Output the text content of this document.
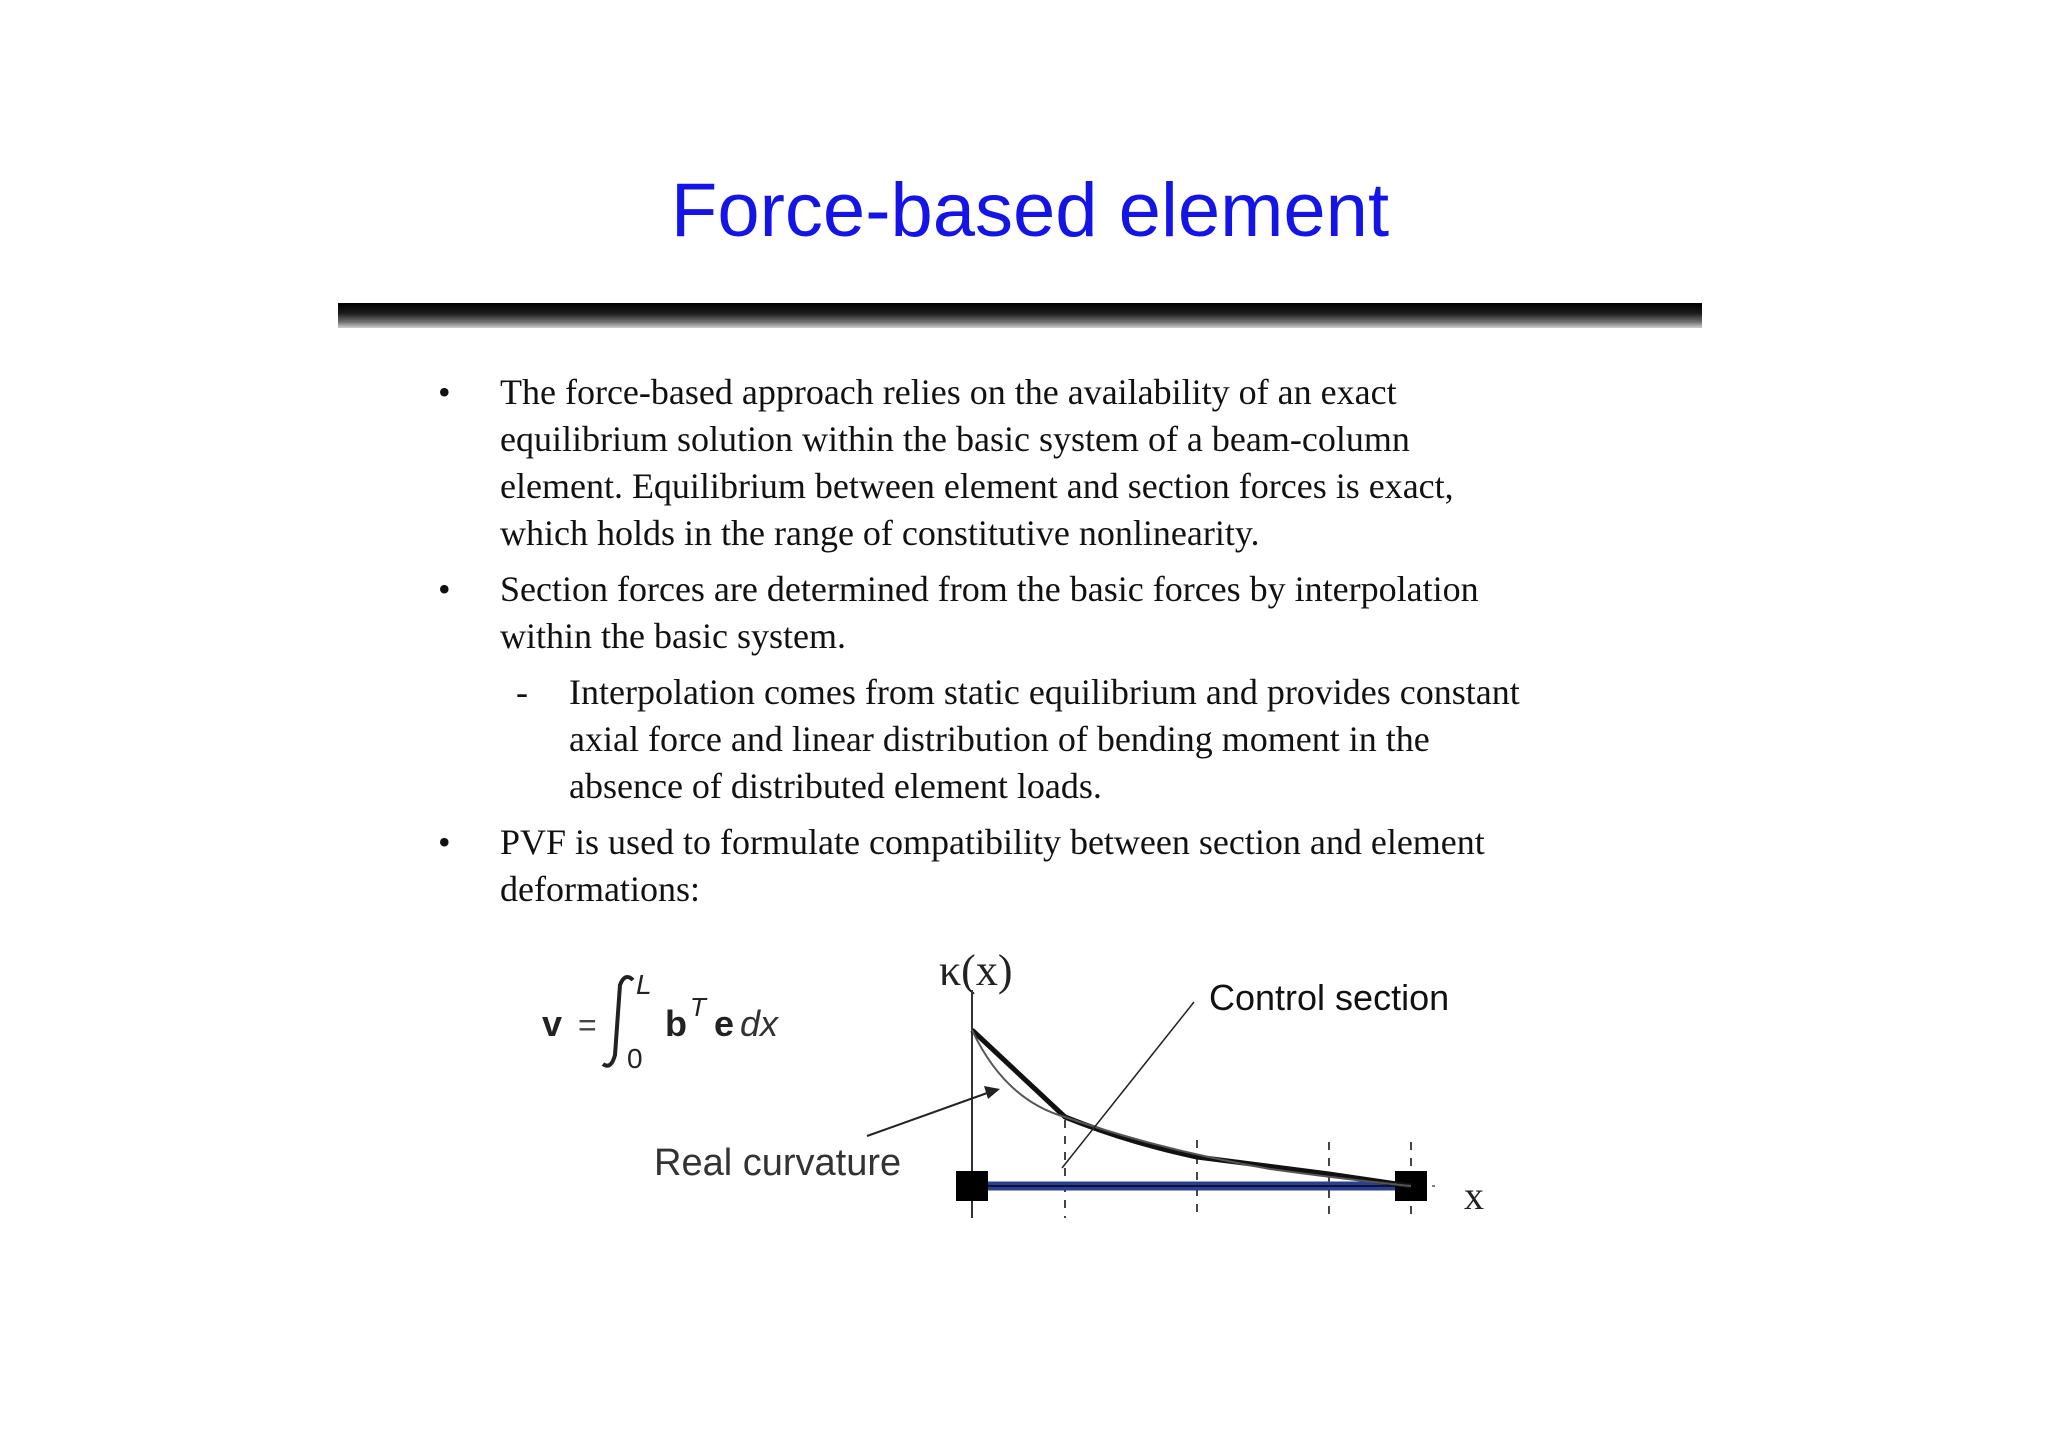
Force-based element
•	The force-based approach relies on the availability of an exact
equilibrium solution within the basic system of a beam-column
element. Equilibrium between element and section forces is exact,
which holds in the range of constitutive nonlinearity.
•	Section forces are determined from the basic forces by interpolation
within the basic system.
- Interpolation comes from static equilibrium and provides constant
axial force and linear distribution of bending moment in the
absence of distributed element loads.
•	PVF is used to formulate compatibility between section and element
deformations:
v =
L
0
b T e dx
κ(x)
x
Real curvature
Control section
